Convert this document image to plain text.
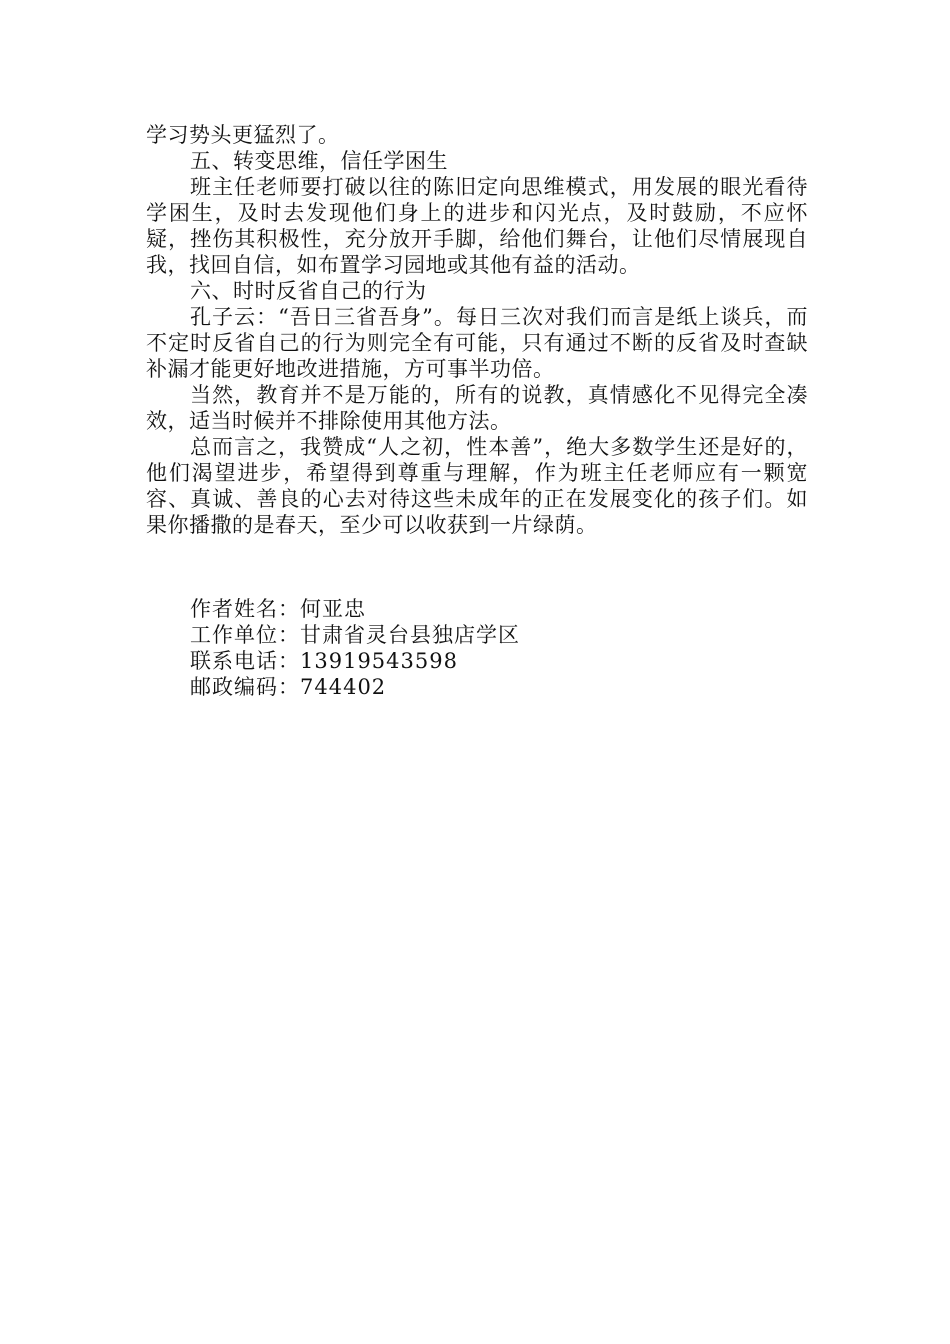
学习势头更猛烈了。

五、转变思维，信任学困生

班主任老师要打破以往的陈旧定向思维模式，用发展的眼光看待学困生，及时去发现他们身上的进步和闪光点，及时鼓励，不应怀疑，挫伤其积极性，充分放开手脚，给他们舞台，让他们尽情展现自我，找回自信，如布置学习园地或其他有益的活动。

六、时时反省自己的行为

孔子云：“吾日三省吾身”。每日三次对我们而言是纸上谈兵，而不定时反省自己的行为则完全有可能，只有通过不断的反省及时查缺补漏才能更好地改进措施，方可事半功倍。

当然，教育并不是万能的，所有的说教，真情感化不见得完全凑效，适当时候并不排除使用其他方法。

总而言之，我赞成“人之初，性本善”，绝大多数学生还是好的，他们渴望进步，希望得到尊重与理解，作为班主任老师应有一颗宽容、真诚、善良的心去对待这些未成年的正在发展变化的孩子们。如果你播撒的是春天，至少可以收获到一片绿荫。

作者姓名：何亚忠
工作单位：甘肃省灵台县独店学区
联系电话：13919543598
邮政编码：744402
